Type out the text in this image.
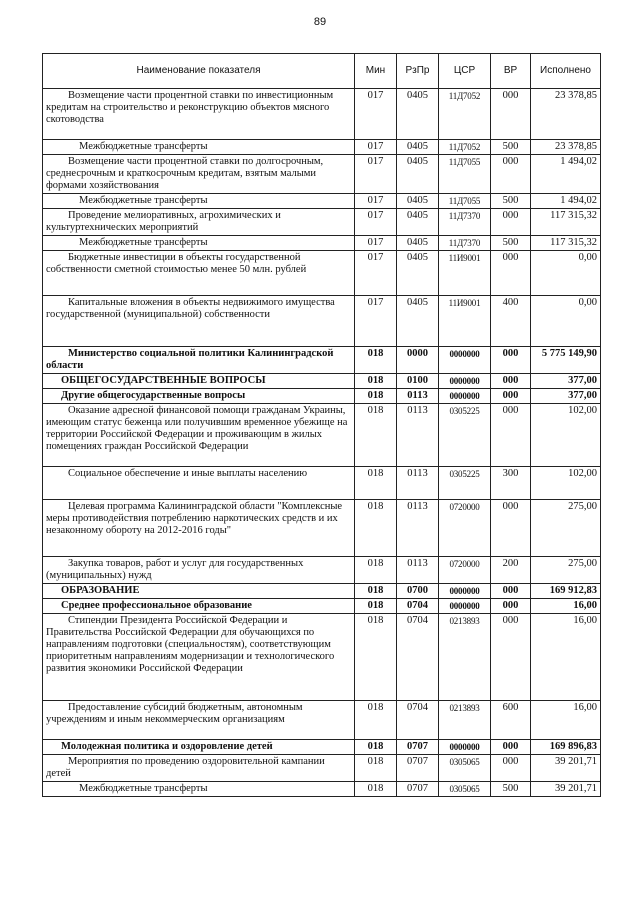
89
Наименование показателя	Мин	РзПр	ЦСР	ВР	Исполнено
Возмещение части процентной ставки по инвестиционным кредитам на строительство и реконструкцию объектов мясного скотоводства	017	0405	11Д7052	000	23 378,85
Межбюджетные трансферты	017	0405	11Д7052	500	23 378,85
Возмещение части процентной ставки по долгосрочным, среднесрочным и краткосрочным кредитам, взятым малыми формами хозяйствования	017	0405	11Д7055	000	1 494,02
Межбюджетные трансферты	017	0405	11Д7055	500	1 494,02
Проведение мелиоративных, агрохимических и культуртехнических мероприятий	017	0405	11Д7370	000	117 315,32
Межбюджетные трансферты	017	0405	11Д7370	500	117 315,32
Бюджетные инвестиции в объекты государственной собственности сметной стоимостью менее 50 млн. рублей	017	0405	11И9001	000	0,00
Капитальные вложения в объекты недвижимого имущества государственной (муниципальной) собственности	017	0405	11И9001	400	0,00
Министерство социальной политики Калининградской области	018	0000	0000000	000	5 775 149,90
ОБЩЕГОСУДАРСТВЕННЫЕ ВОПРОСЫ	018	0100	0000000	000	377,00
Другие общегосударственные вопросы	018	0113	0000000	000	377,00
Оказание адресной финансовой помощи гражданам Украины, имеющим статус беженца или получившим временное убежище на территории Российской Федерации и проживающим в жилых помещениях граждан Российской Федерации	018	0113	0305225	000	102,00
Социальное обеспечение и иные выплаты населению	018	0113	0305225	300	102,00
Целевая программа Калининградской области "Комплексные меры противодействия потреблению наркотических средств и их незаконному обороту на 2012-2016 годы"	018	0113	0720000	000	275,00
Закупка товаров, работ и услуг для государственных (муниципальных) нужд	018	0113	0720000	200	275,00
ОБРАЗОВАНИЕ	018	0700	0000000	000	169 912,83
Среднее профессиональное образование	018	0704	0000000	000	16,00
Стипендии Президента Российской Федерации и Правительства Российской Федерации для обучающихся по направлениям подготовки (специальностям), соответствующим приоритетным направлениям модернизации и технологического развития экономики Российской Федерации	018	0704	0213893	000	16,00
Предоставление субсидий бюджетным, автономным учреждениям и иным некоммерческим организациям	018	0704	0213893	600	16,00
Молодежная политика и оздоровление детей	018	0707	0000000	000	169 896,83
Мероприятия по проведению оздоровительной кампании детей	018	0707	0305065	000	39 201,71
Межбюджетные трансферты	018	0707	0305065	500	39 201,71
